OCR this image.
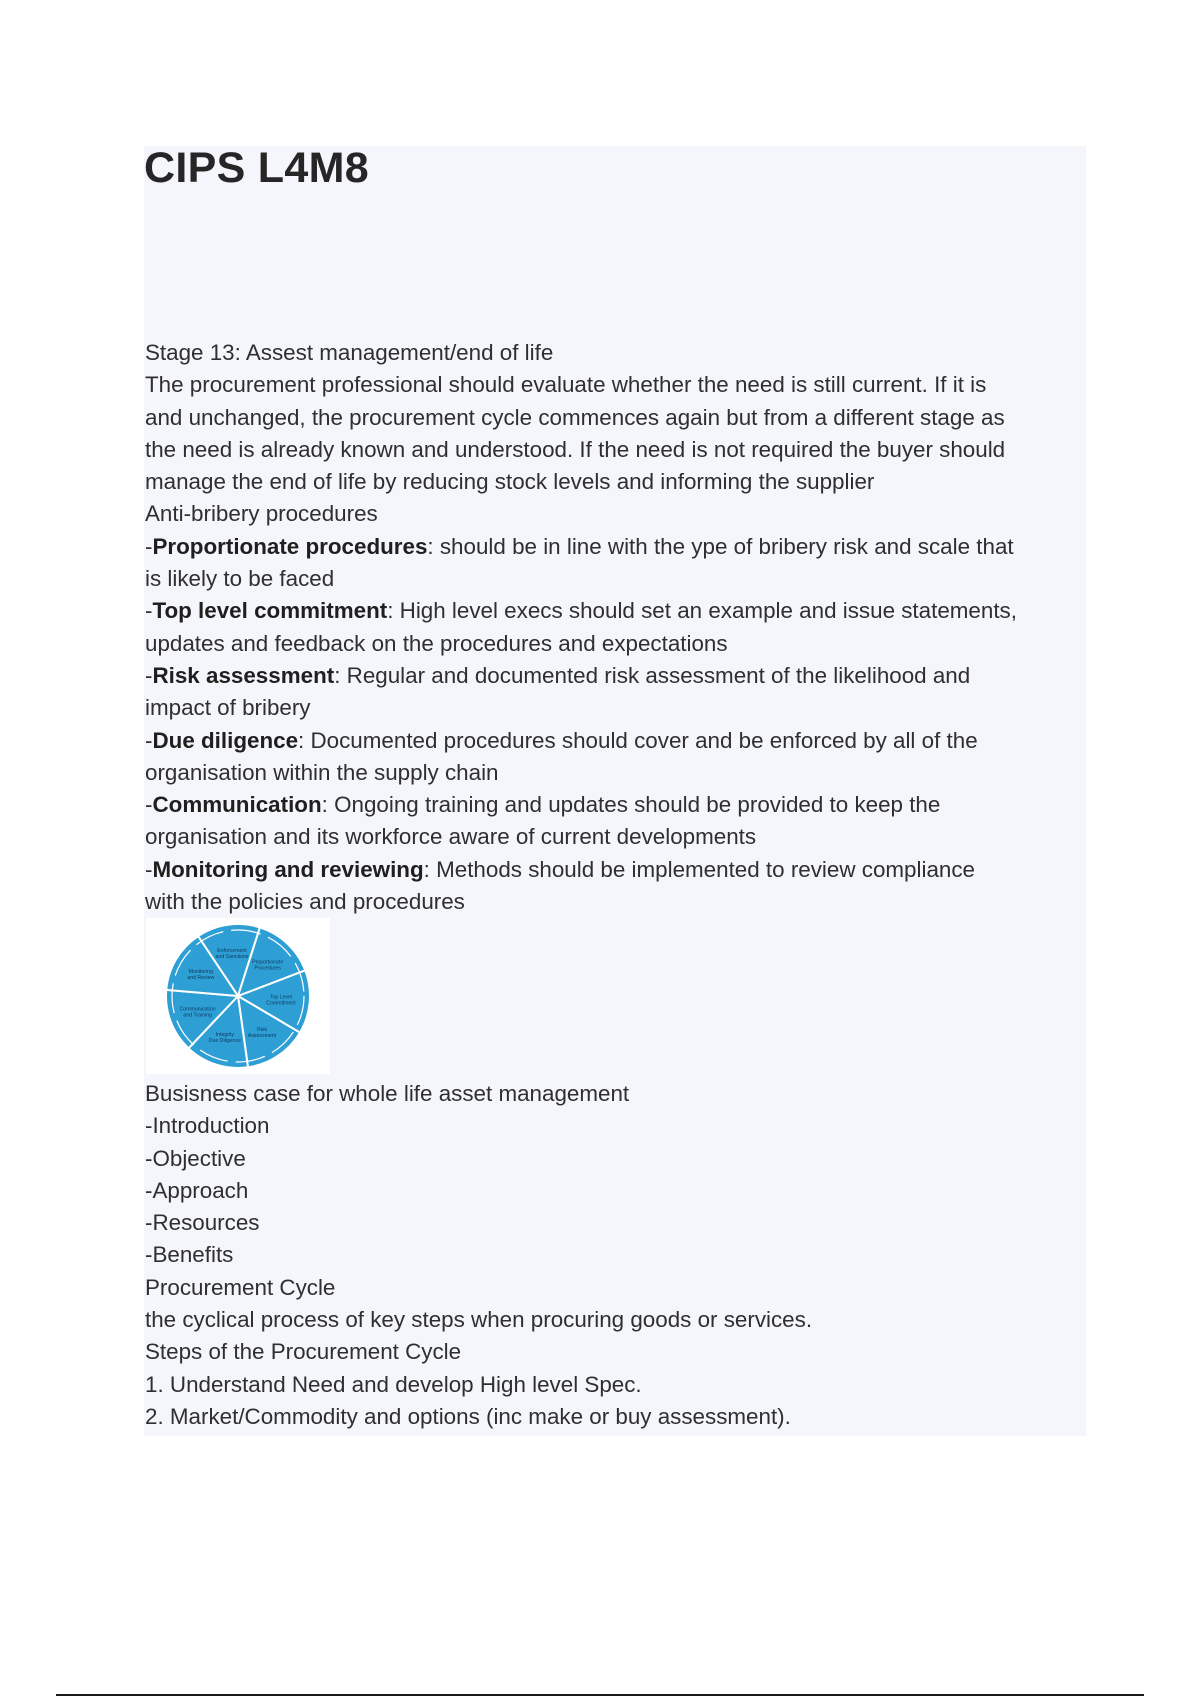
CIPS L4M8

Stage 13: Assest management/end of life

The procurement professional should evaluate whether the need is still current. If it is

and unchanged, the procurement cycle commences again but from a different stage as

the need is already known and understood. If the need is not required the buyer should

manage the end of life by reducing stock levels and informing the supplier

Anti-bribery procedures

-Proportionate procedures: should be in line with the ype of bribery risk and scale that

is likely to be faced

-Top level commitment: High level execs should set an example and issue statements,

updates and feedback on the procedures and expectations

-Risk assessment: Regular and documented risk assessment of the likelihood and

impact of bribery

-Due diligence: Documented procedures should cover and be enforced by all of the

organisation within the supply chain

-Communication: Ongoing training and updates should be provided to keep the

organisation and its workforce aware of current developments

-Monitoring and reviewing: Methods should be implemented to review compliance

with the policies and procedures

Enforcement and Sanctions
Proportionate Procedures
Top Level Commitment
Risk Assessment
Integrity Due Diligence
Communication and Training
Monitoring and Review

Busisness case for whole life asset management

-Introduction

-Objective

-Approach

-Resources

-Benefits

Procurement Cycle

the cyclical process of key steps when procuring goods or services.

Steps of the Procurement Cycle

1. Understand Need and develop High level Spec.

2. Market/Commodity and options (inc make or buy assessment).
